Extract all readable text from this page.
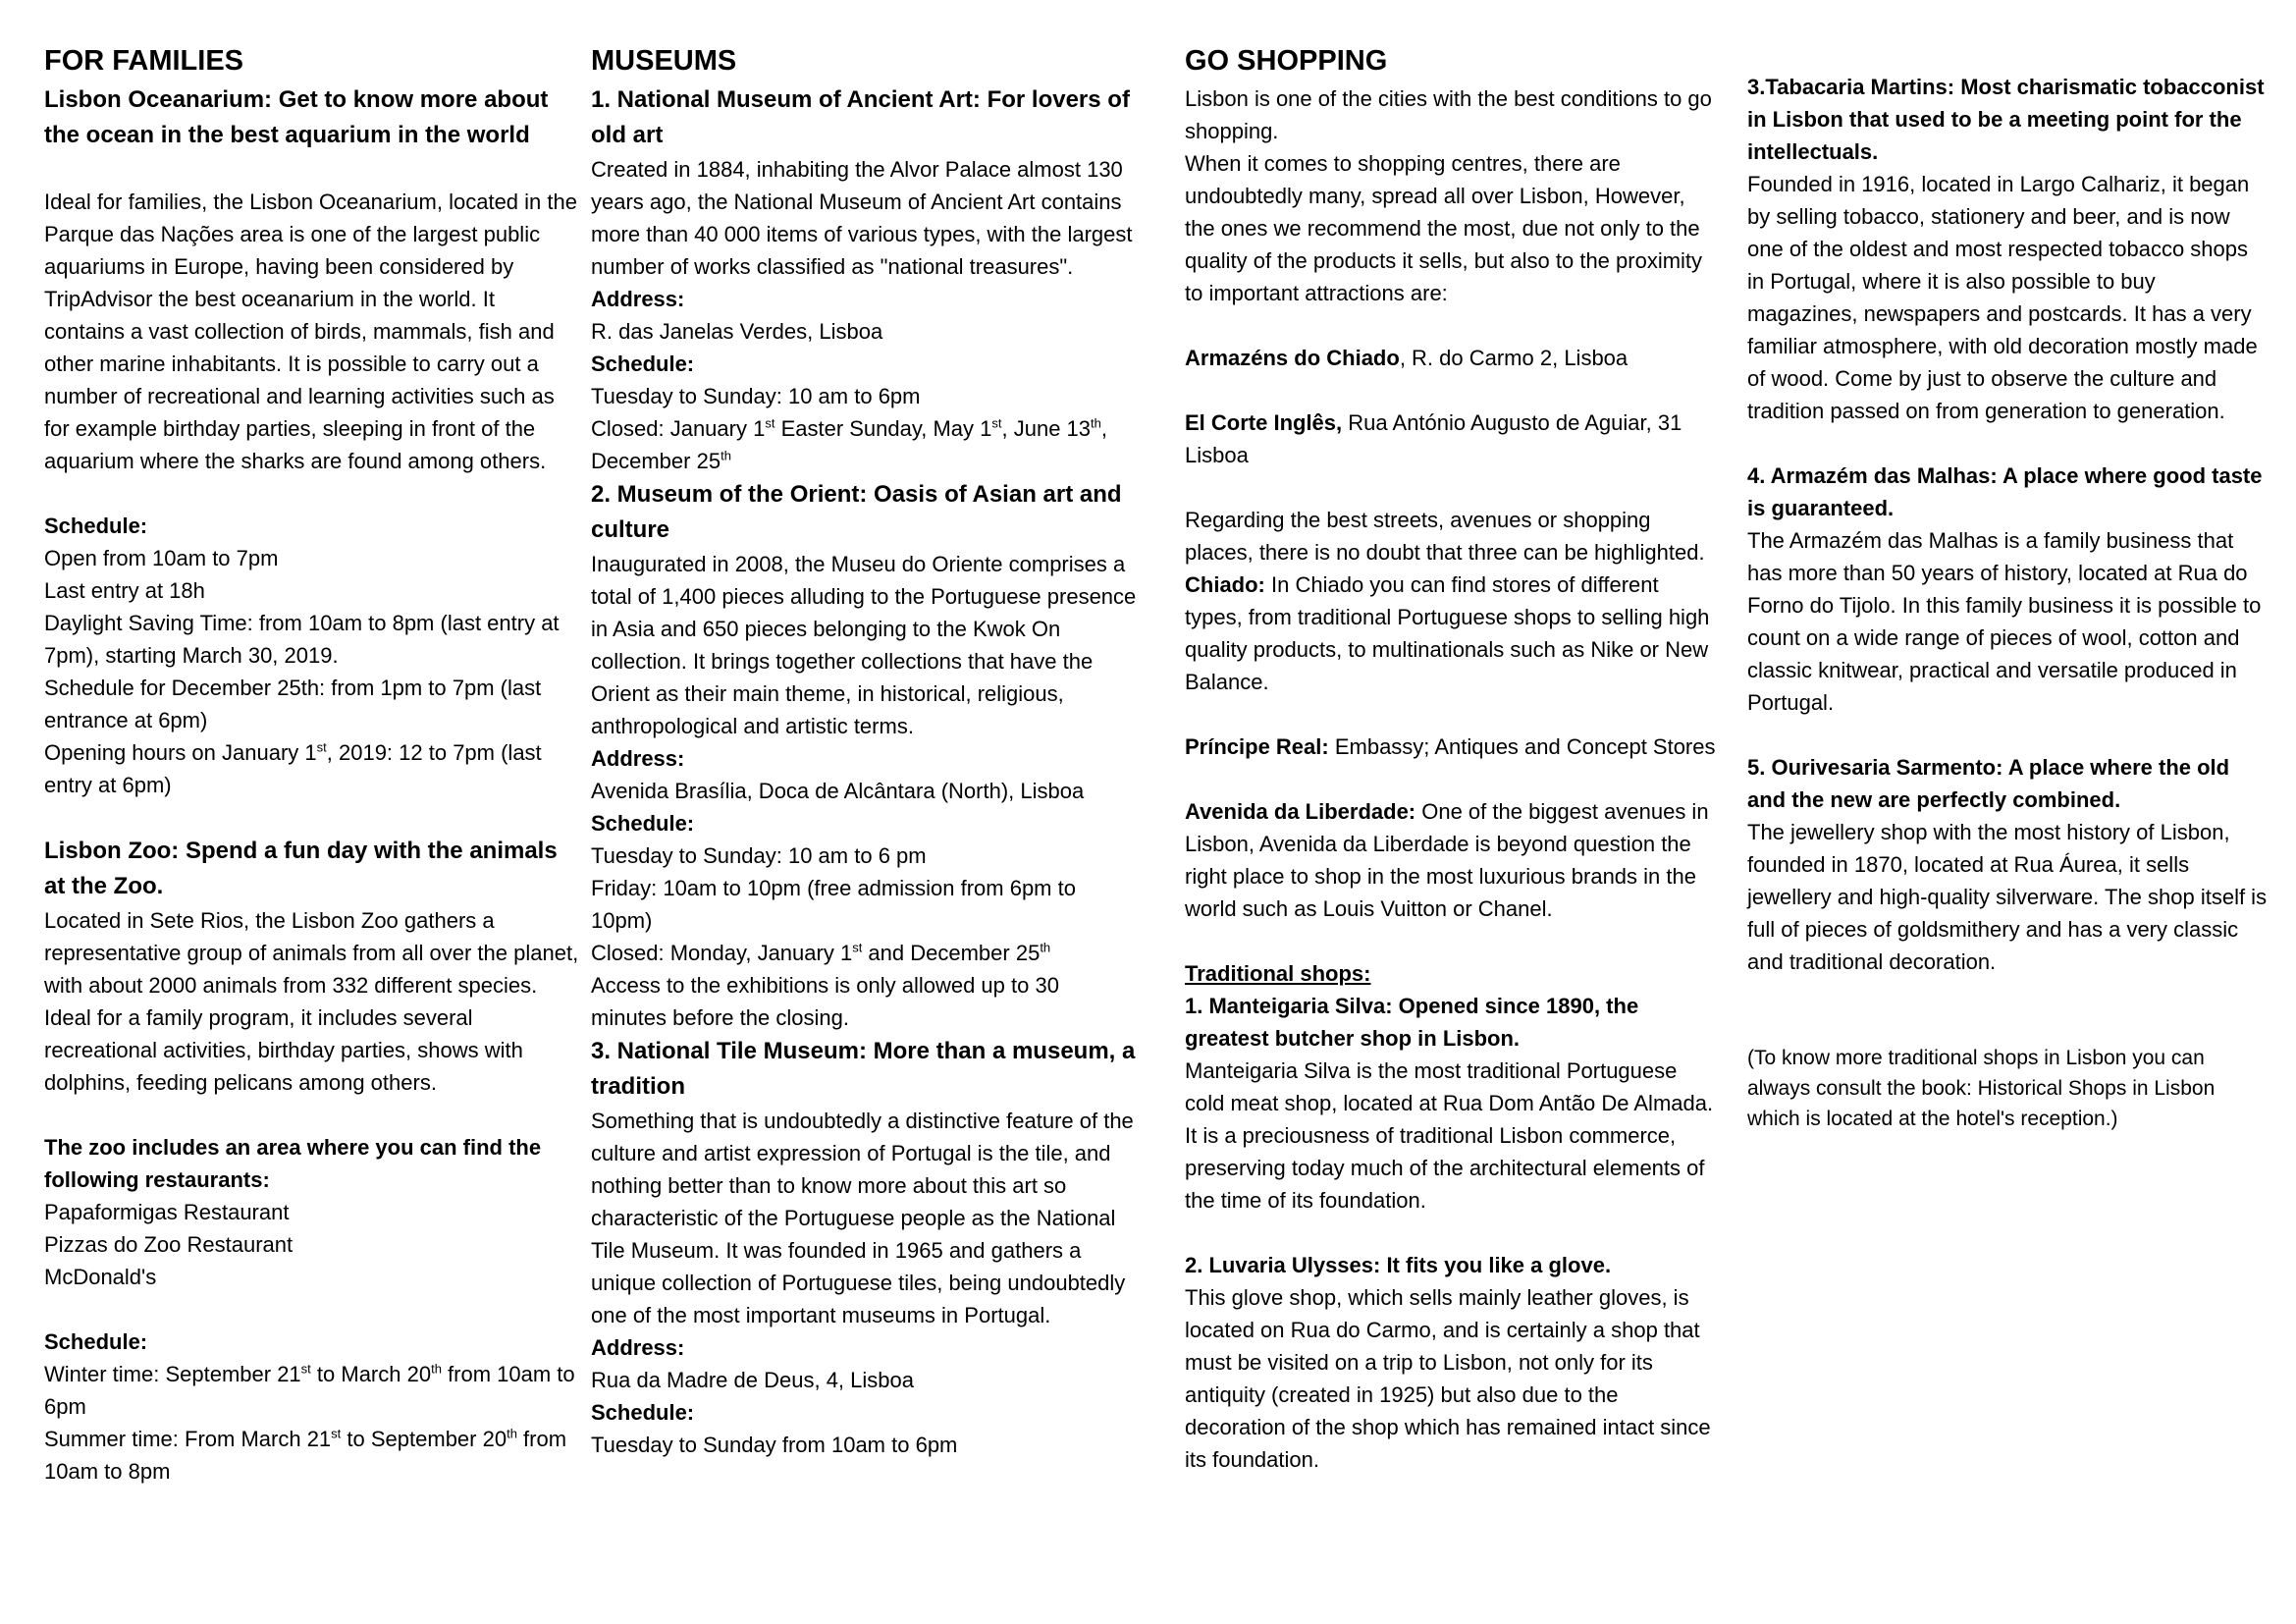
FOR FAMILIES
Lisbon Oceanarium: Get to know more about the ocean in the best aquarium in the world

Ideal for families, the Lisbon Oceanarium, located in the Parque das Nações area is one of the largest public aquariums in Europe, having been considered by TripAdvisor the best oceanarium in the world. It contains a vast collection of birds, mammals, fish and other marine inhabitants. It is possible to carry out a number of recreational and learning activities such as for example birthday parties, sleeping in front of the aquarium where the sharks are found among others.

Schedule:
Open from 10am to 7pm
Last entry at 18h
Daylight Saving Time: from 10am to 8pm (last entry at 7pm), starting March 30, 2019.
Schedule for December 25th: from 1pm to 7pm (last entrance at 6pm)
Opening hours on January 1st, 2019: 12 to 7pm (last entry at 6pm)
Lisbon Zoo: Spend a fun day with the animals at the Zoo.

Located in Sete Rios, the Lisbon Zoo gathers a representative group of animals from all over the planet, with about 2000 animals from 332 different species. Ideal for a family program, it includes several recreational activities, birthday parties, shows with dolphins, feeding pelicans among others.

The zoo includes an area where you can find the following restaurants:
Papaformigas Restaurant
Pizzas do Zoo Restaurant
McDonald's
Schedule:
Winter time: September 21st to March 20th from 10am to 6pm
Summer time: From March 21st to September 20th from 10am to 8pm
MUSEUMS
1. National Museum of Ancient Art: For lovers of old art

Created in 1884, inhabiting the Alvor Palace almost 130 years ago, the National Museum of Ancient Art contains more than 40 000 items of various types, with the largest number of works classified as "national treasures".

Address:
R. das Janelas Verdes, Lisboa
Schedule:
Tuesday to Sunday: 10 am to 6pm
Closed: January 1st Easter Sunday, May 1st, June 13th, December 25th
2. Museum of the Orient: Oasis of Asian art and culture

Inaugurated in 2008, the Museu do Oriente comprises a total of 1,400 pieces alluding to the Portuguese presence in Asia and 650 pieces belonging to the Kwok On collection. It brings together collections that have the Orient as their main theme, in historical, religious, anthropological and artistic terms.

Address:
Avenida Brasília, Doca de Alcântara (North), Lisboa
Schedule:
Tuesday to Sunday: 10 am to 6 pm
Friday: 10am to 10pm (free admission from 6pm to 10pm)
Closed: Monday, January 1st and December 25th
Access to the exhibitions is only allowed up to 30 minutes before the closing.
3. National Tile Museum: More than a museum, a tradition

Something that is undoubtedly a distinctive feature of the culture and artist expression of Portugal is the tile, and nothing better than to know more about this art so characteristic of the Portuguese people as the National Tile Museum. It was founded in 1965 and gathers a unique collection of Portuguese tiles, being undoubtedly one of the most important museums in Portugal.

Address:
Rua da Madre de Deus, 4, Lisboa
Schedule:
Tuesday to Sunday from 10am to 6pm
GO SHOPPING

Lisbon is one of the cities with the best conditions to go shopping.

When it comes to shopping centres, there are undoubtedly many, spread all over Lisbon, However, the ones we recommend the most, due not only to the quality of the products it sells, but also to the proximity to important attractions are:

Armazéns do Chiado, R. do Carmo 2, Lisboa
El Corte Inglês, Rua António Augusto de Aguiar, 31 Lisboa

Regarding the best streets, avenues or shopping places, there is no doubt that three can be highlighted.

Chiado: In Chiado you can find stores of different types, from traditional Portuguese shops to selling high quality products, to multinationals such as Nike or New Balance.
Príncipe Real: Embassy; Antiques and Concept Stores
Avenida da Liberdade: One of the biggest avenues in Lisbon, Avenida da Liberdade is beyond question the right place to shop in the most luxurious brands in the world such as Louis Vuitton or Chanel.
Traditional shops:
1. Manteigaria Silva: Opened since 1890, the greatest butcher shop in Lisbon.

Manteigaria Silva is the most traditional Portuguese cold meat shop, located at Rua Dom Antão De Almada. It is a preciousness of traditional Lisbon commerce, preserving today much of the architectural elements of the time of its foundation.

2. Luvaria Ulysses: It fits you like a glove.

This glove shop, which sells mainly leather gloves, is located on Rua do Carmo, and is certainly a shop that must be visited on a trip to Lisbon, not only for its antiquity (created in 1925) but also due to the decoration of the shop which has remained intact since its foundation.

3.Tabacaria Martins: Most charismatic tobacconist in Lisbon that used to be a meeting point for the intellectuals.

Founded in 1916, located in Largo Calhariz, it began by selling tobacco, stationery and beer, and is now one of the oldest and most respected tobacco shops in Portugal, where it is also possible to buy magazines, newspapers and postcards. It has a very familiar atmosphere, with old decoration mostly made of wood. Come by just to observe the culture and tradition passed on from generation to generation.

4. Armazém das Malhas: A place where good taste is guaranteed.

The Armazém das Malhas is a family business that has more than 50 years of history, located at Rua do Forno do Tijolo. In this family business it is possible to count on a wide range of pieces of wool, cotton and classic knitwear, practical and versatile produced in Portugal.

5. Ourivesaria Sarmento: A place where the old and the new are perfectly combined.

The jewellery shop with the most history of Lisbon, founded in 1870, located at Rua Áurea, it sells jewellery and high-quality silverware. The shop itself is full of pieces of goldsmithery and has a very classic and traditional decoration.

(To know more traditional shops in Lisbon you can always consult the book: Historical Shops in Lisbon which is located at the hotel's reception.)
